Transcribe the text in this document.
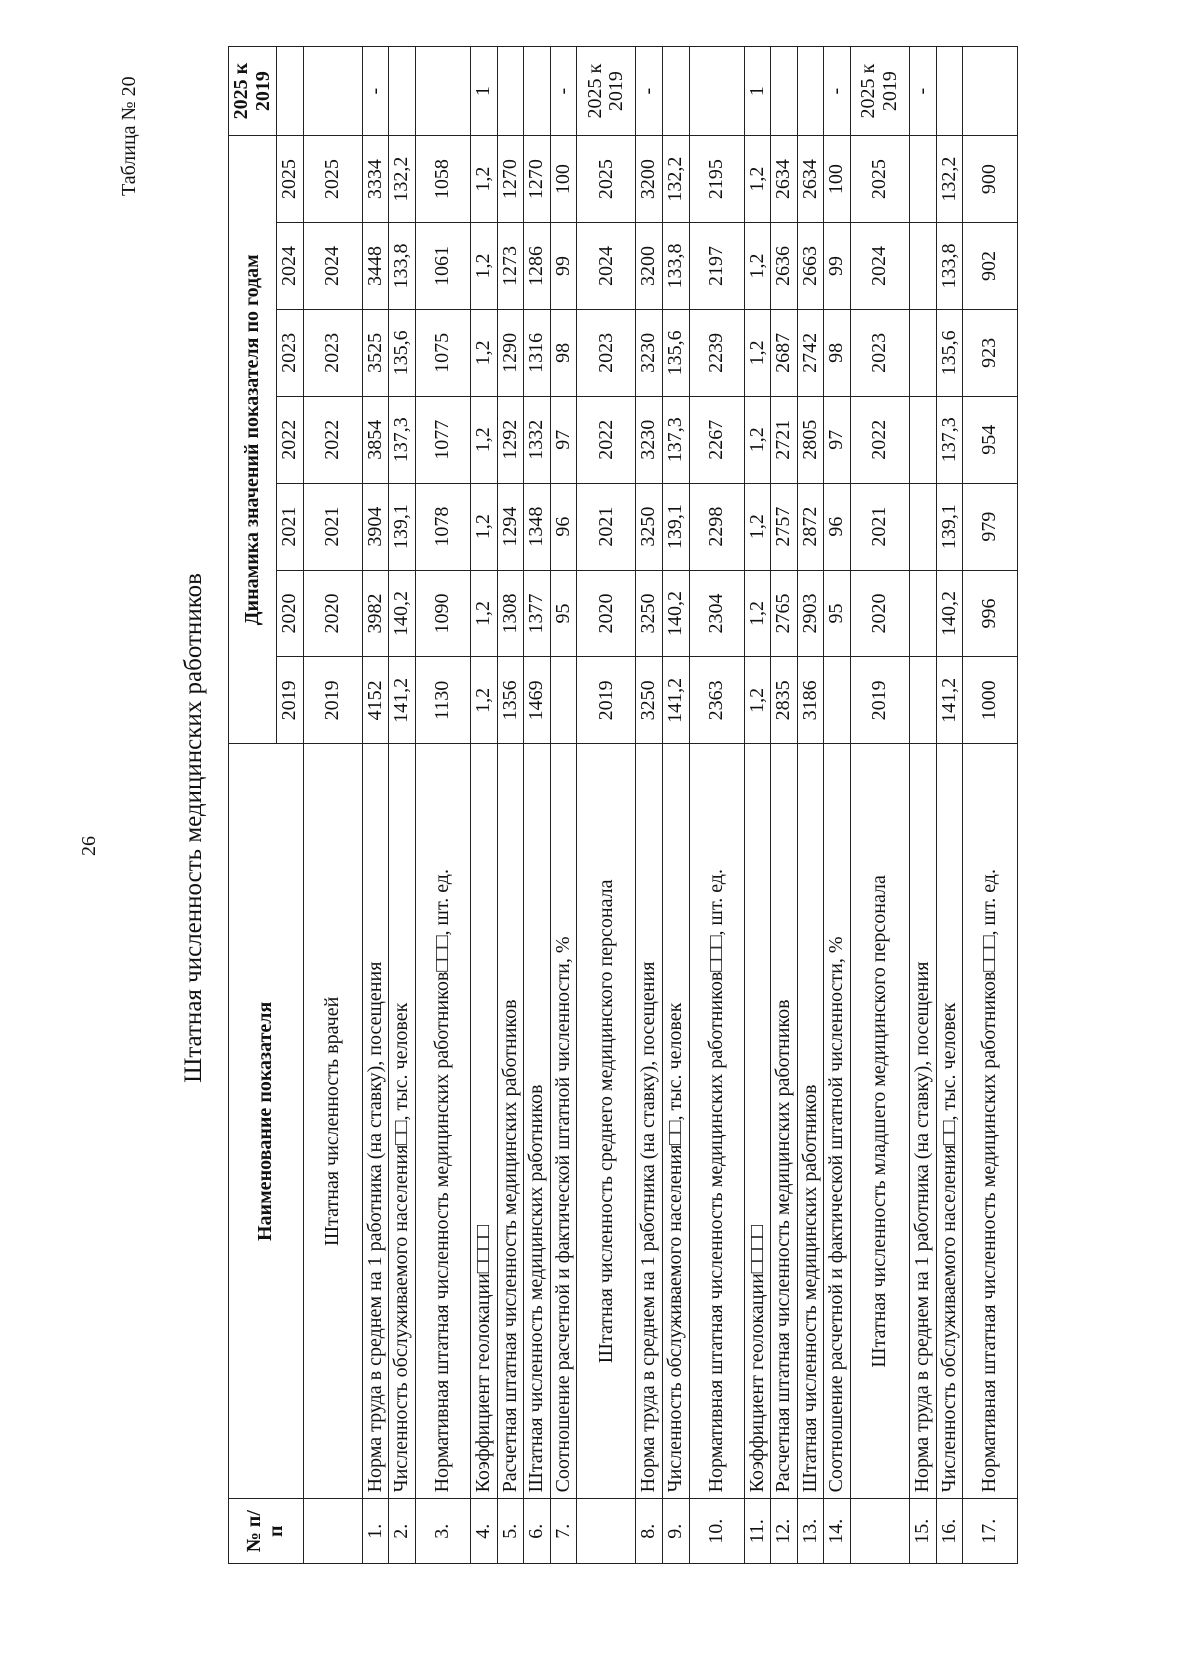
26
Таблица № 20
Штатная численность медицинских работников
№ п/п	Наименование показателя	Динамика значений показателя по годам							2025 к 2019
		2019	2020	2021	2022	2023	2024	2025	
	Штатная численность врачей	2019	2020	2021	2022	2023	2024	2025	
1.	Норма труда в среднем на 1 работника (на ставку), посещения	4152	3982	3904	3854	3525	3448	3334	-
2.	Численность обслуживаемого населения□□, тыс. человек	141,2	140,2	139,1	137,3	135,6	133,8	132,2	
3.	Нормативная штатная численность медицинских работников□□□, шт. ед.	1130	1090	1078	1077	1075	1061	1058	
4.	Коэффициент геолокации□□□□	1,2	1,2	1,2	1,2	1,2	1,2	1,2	1
5.	Расчетная штатная численность медицинских работников	1356	1308	1294	1292	1290	1273	1270	
6.	Штатная численность медицинских работников	1469	1377	1348	1332	1316	1286	1270	
7.	Соотношение расчетной и фактической штатной численности, %		95	96	97	98	99	100	-
	Штатная численность среднего медицинского персонала	2019	2020	2021	2022	2023	2024	2025	2025 к 2019
8.	Норма труда в среднем на 1 работника (на ставку), посещения	3250	3250	3250	3230	3230	3200	3200	-
9.	Численность обслуживаемого населения□□, тыс. человек	141,2	140,2	139,1	137,3	135,6	133,8	132,2	
10.	Нормативная штатная численность медицинских работников□□□, шт. ед.	2363	2304	2298	2267	2239	2197	2195	
11.	Коэффициент геолокации□□□□	1,2	1,2	1,2	1,2	1,2	1,2	1,2	1
12.	Расчетная штатная численность медицинских работников	2835	2765	2757	2721	2687	2636	2634	
13.	Штатная численность медицинских работников	3186	2903	2872	2805	2742	2663	2634	
14.	Соотношение расчетной и фактической штатной численности, %		95	96	97	98	99	100	-
	Штатная численность младшего медицинского персонала	2019	2020	2021	2022	2023	2024	2025	2025 к 2019
15.	Норма труда в среднем на 1 работника (на ставку), посещения								-
16.	Численность обслуживаемого населения□□, тыс. человек	141,2	140,2	139,1	137,3	135,6	133,8	132,2	
17.	Нормативная штатная численность медицинских работников□□□, шт. ед.	1000	996	979	954	923	902	900	
